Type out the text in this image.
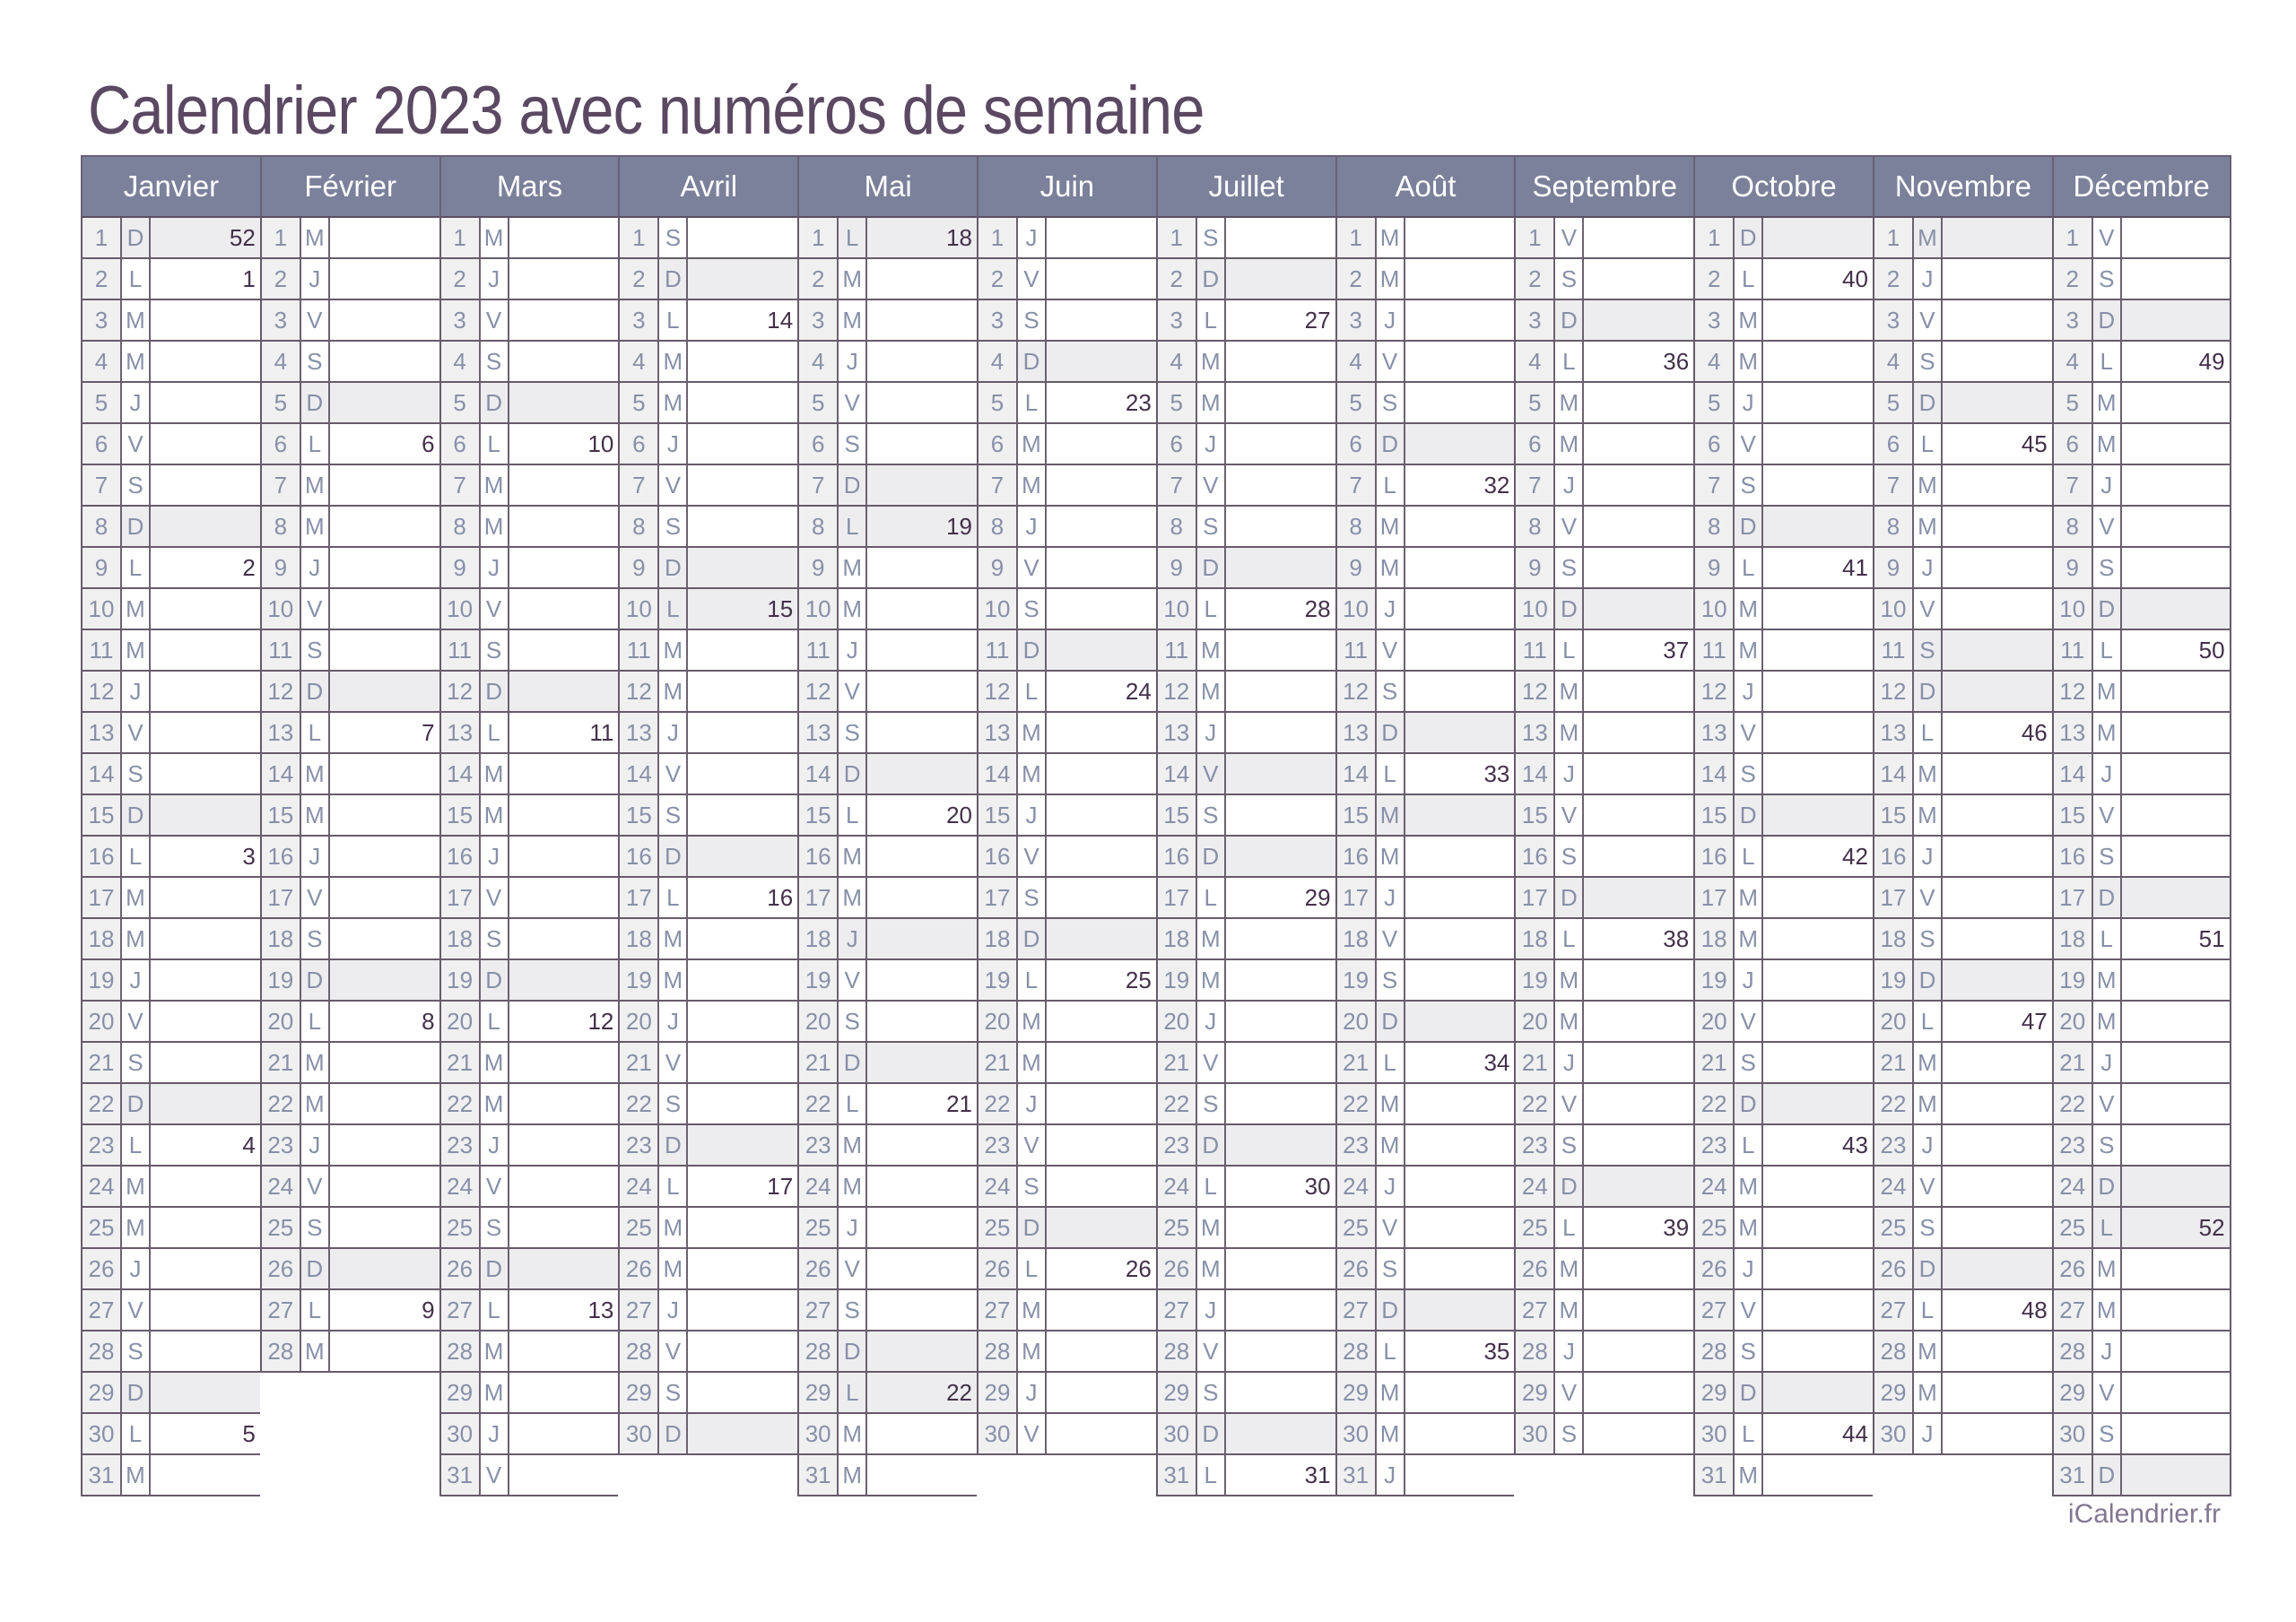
Calendrier 2023 avec numéros de semaine
Janvier
1 D	52
2 L	1
3 M
4 M
5 J
6 V
7 S
8 D
9 L	2
10 M
11 M
12 J
13 V
14 S
15 D
16 L	3
17 M
18 M
19 J
20 V
21 S
22 D
23 L	4
24 M
25 M
26 J
27 V
28 S
29 D
30 L	5
31 M
Février
1 M
2 J
3 V
4 S
5 D
6 L	6
7 M
8 M
9 J
10 V
11 S
12 D
13 L	7
14 M
15 M
16 J
17 V
18 S
19 D
20 L	8
21 M
22 M
23 J
24 V
25 S
26 D
27 L	9
28 M
Mars
1 M
2 J
3 V
4 S
5 D
6 L	10
7 M
8 M
9 J
10 V
11 S
12 D
13 L	11
14 M
15 M
16 J
17 V
18 S
19 D
20 L	12
21 M
22 M
23 J
24 V
25 S
26 D
27 L	13
28 M
29 M
30 J
31 V
Avril
1 S
2 D
3 L	14
4 M
5 M
6 J
7 V
8 S
9 D
10 L	15
11 M
12 M
13 J
14 V
15 S
16 D
17 L	16
18 M
19 M
20 J
21 V
22 S
23 D
24 L	17
25 M
26 M
27 J
28 V
29 S
30 D
Mai
1 L	18
2 M
3 M
4 J
5 V
6 S
7 D
8 L	19
9 M
10 M
11 J
12 V
13 S
14 D
15 L	20
16 M
17 M
18 J
19 V
20 S
21 D
22 L	21
23 M
24 M
25 J
26 V
27 S
28 D
29 L	22
30 M
31 M
Juin
1 J
2 V
3 S
4 D
5 L	23
6 M
7 M
8 J
9 V
10 S
11 D
12 L	24
13 M
14 M
15 J
16 V
17 S
18 D
19 L	25
20 M
21 M
22 J
23 V
24 S
25 D
26 L	26
27 M
28 M
29 J
30 V
Juillet
1 S
2 D
3 L	27
4 M
5 M
6 J
7 V
8 S
9 D
10 L	28
11 M
12 M
13 J
14 V
15 S
16 D
17 L	29
18 M
19 M
20 J
21 V
22 S
23 D
24 L	30
25 M
26 M
27 J
28 V
29 S
30 D
31 L	31
Août
1 M
2 M
3 J
4 V
5 S
6 D
7 L	32
8 M
9 M
10 J
11 V
12 S
13 D
14 L	33
15 M
16 M
17 J
18 V
19 S
20 D
21 L	34
22 M
23 M
24 J
25 V
26 S
27 D
28 L	35
29 M
30 M
31 J
Septembre
1 V
2 S
3 D
4 L	36
5 M
6 M
7 J
8 V
9 S
10 D
11 L	37
12 M
13 M
14 J
15 V
16 S
17 D
18 L	38
19 M
20 M
21 J
22 V
23 S
24 D
25 L	39
26 M
27 M
28 J
29 V
30 S
Octobre
1 D
2 L	40
3 M
4 M
5 J
6 V
7 S
8 D
9 L	41
10 M
11 M
12 J
13 V
14 S
15 D
16 L	42
17 M
18 M
19 J
20 V
21 S
22 D
23 L	43
24 M
25 M
26 J
27 V
28 S
29 D
30 L	44
31 M
Novembre
1 M
2 J
3 V
4 S
5 D
6 L	45
7 M
8 M
9 J
10 V
11 S
12 D
13 L	46
14 M
15 M
16 J
17 V
18 S
19 D
20 L	47
21 M
22 M
23 J
24 V
25 S
26 D
27 L	48
28 M
29 M
30 J
Décembre
1 V
2 S
3 D
4 L	49
5 M
6 M
7 J
8 V
9 S
10 D
11 L	50
12 M
13 M
14 J
15 V
16 S
17 D
18 L	51
19 M
20 M
21 J
22 V
23 S
24 D
25 L	52
26 M
27 M
28 J
29 V
30 S
31 D
iCalendrier.fr
